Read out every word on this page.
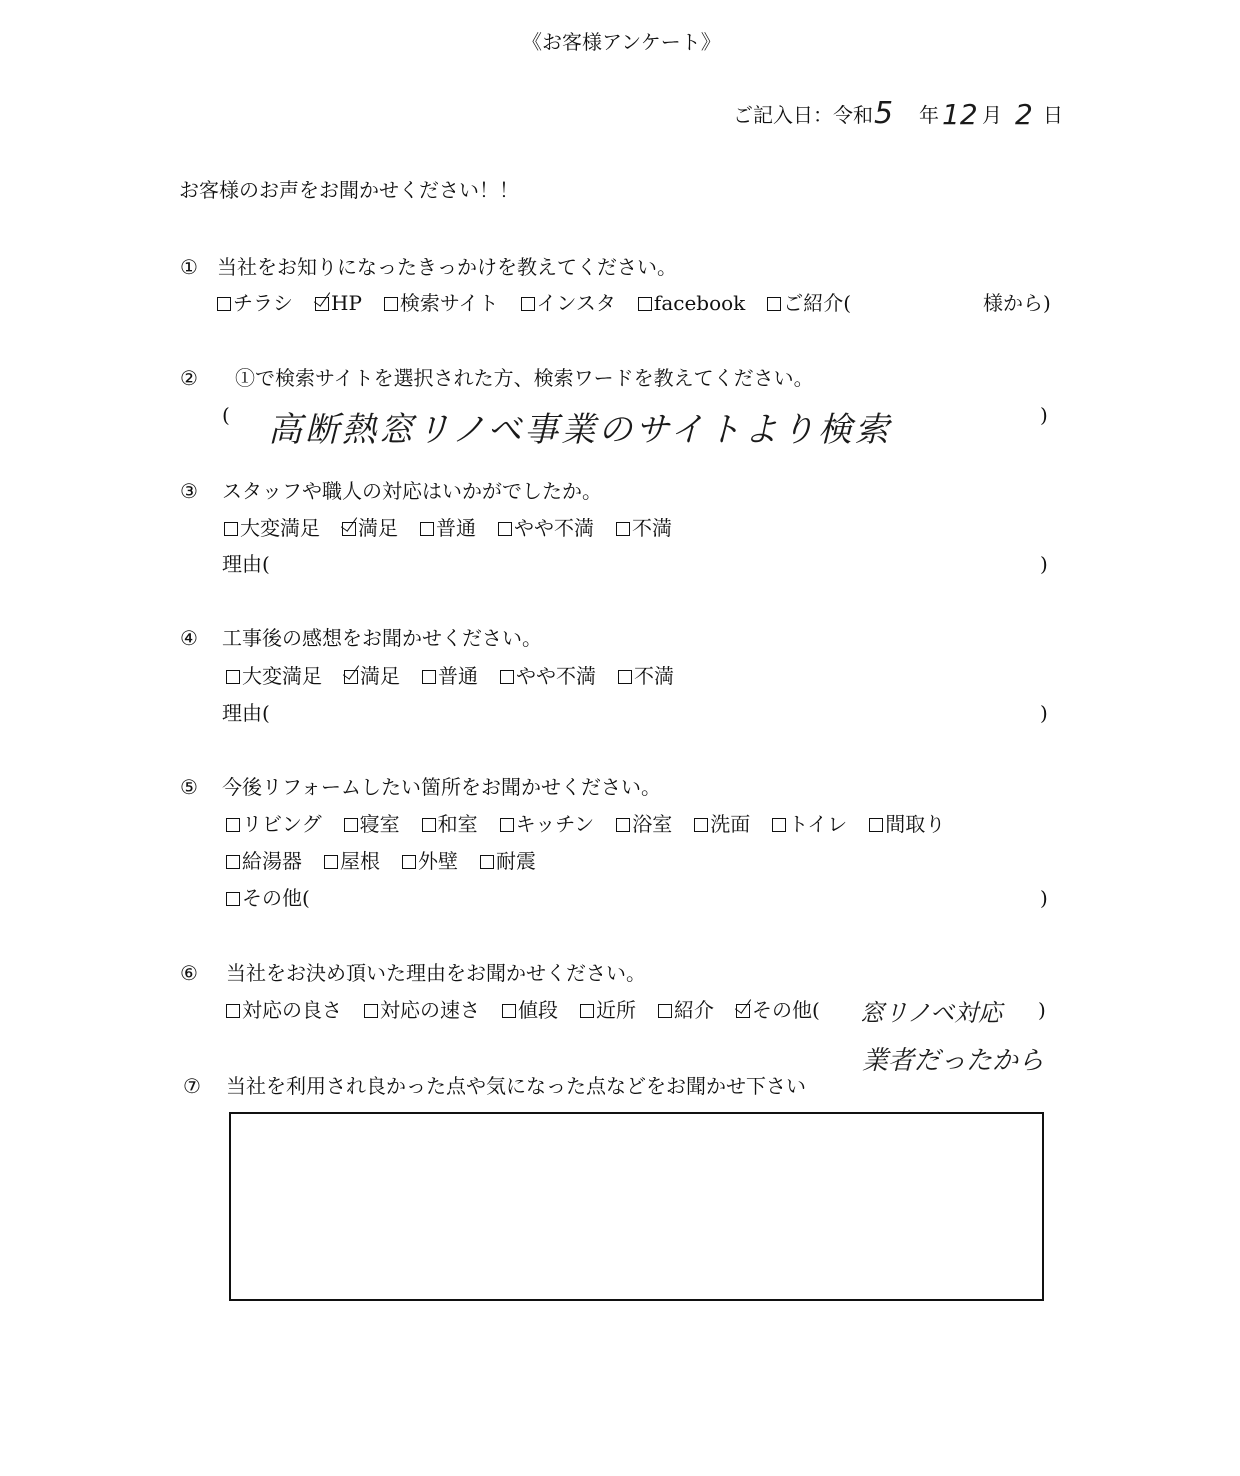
《お客様アンケート》
ご記入日：令和 5 年 12 月 2 日
お客様のお声をお聞かせください！！
① 当社をお知りになったきっかけを教えてください。
チラシ HP 検索サイト インスタ facebook ご紹介(	様から)
② ①で検索サイトを選択された方、検索ワードを教えてください。
( 高断熱窓リノベ事業のサイトより検索	)
③ スタッフや職人の対応はいかがでしたか。
大変満足 満足 普通 やや不満 不満
理由(	)
④ 工事後の感想をお聞かせください。
大変満足 満足 普通 やや不満 不満
理由(	)
⑤ 今後リフォームしたい箇所をお聞かせください。
リビング 寝室 和室 キッチン 浴室 洗面 トイレ 間取り
給湯器 屋根 外壁 耐震
その他(	)
⑥ 当社をお決め頂いた理由をお聞かせください。
対応の良さ 対応の速さ 値段 近所 紹介 その他( 窓リノベ対応 )
業者だったから
⑦ 当社を利用され良かった点や気になった点などをお聞かせ下さい
